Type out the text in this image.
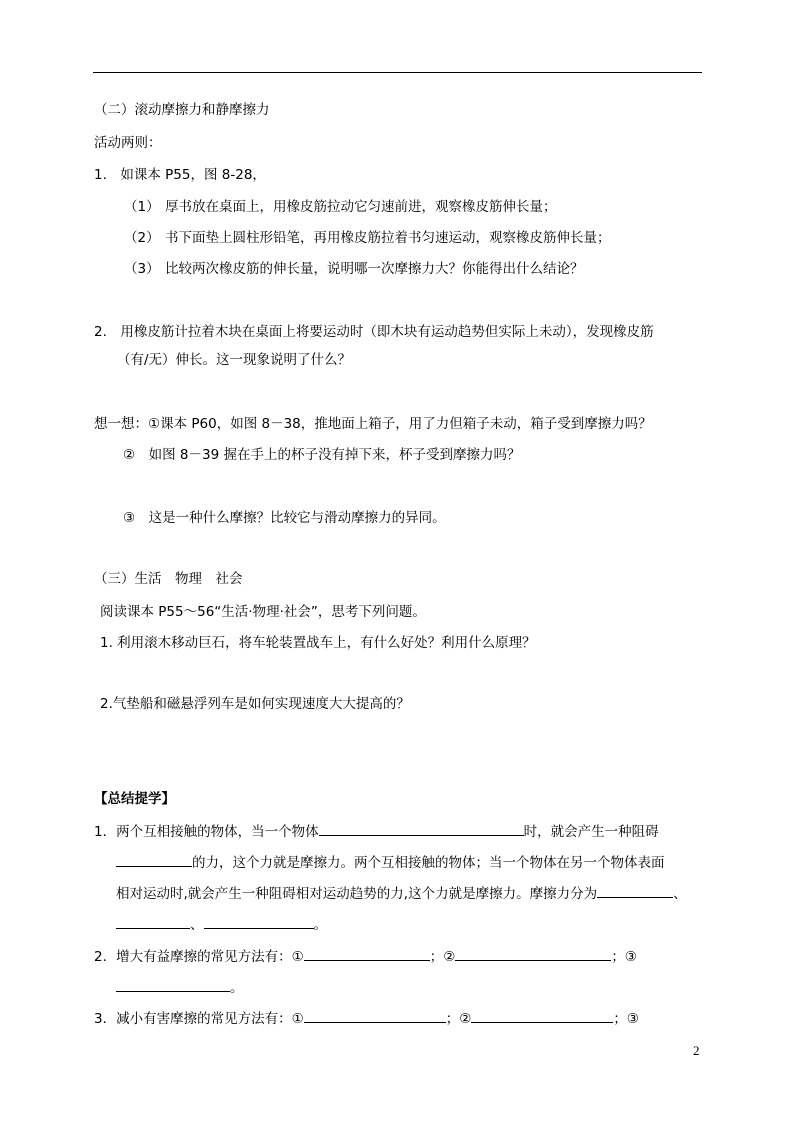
（二）滚动摩擦力和静摩擦力
活动两则：
1.　如课本 P55，图 8-28，
（1） 厚书放在桌面上，用橡皮筋拉动它匀速前进，观察橡皮筋伸长量；
（2） 书下面垫上圆柱形铅笔，再用橡皮筋拉着书匀速运动，观察橡皮筋伸长量；
（3） 比较两次橡皮筋的伸长量，说明哪一次摩擦力大？你能得出什么结论？
2.　用橡皮筋计拉着木块在桌面上将要运动时（即木块有运动趋势但实际上未动），发现橡皮筋
（有/无）伸长。这一现象说明了什么？
想一想：①课本 P60，如图 8－38，推地面上箱子，用了力但箱子未动，箱子受到摩擦力吗？
②　如图 8－39 握在手上的杯子没有掉下来，杯子受到摩擦力吗？
③　这是一种什么摩擦？比较它与滑动摩擦力的异同。
（三）生活　物理　社会
阅读课本 P55～56“生活·物理·社会”，思考下列问题。
1. 利用滚木移动巨石，将车轮装置战车上，有什么好处？利用什么原理？
2.气垫船和磁悬浮列车是如何实现速度大大提高的？
【总结提学】
1．两个互相接触的物体，当一个物体	时，就会产生一种阻碍
的力，这个力就是摩擦力。两个互相接触的物体；当一个物体在另一个物体表面
相对运动时,就会产生一种阻碍相对运动趋势的力,这个力就是摩擦力。摩擦力分为	、
、	。
2．增大有益摩擦的常见方法有：①	；②	；③
。
3．减小有害摩擦的常见方法有：①	；②	；③
2
